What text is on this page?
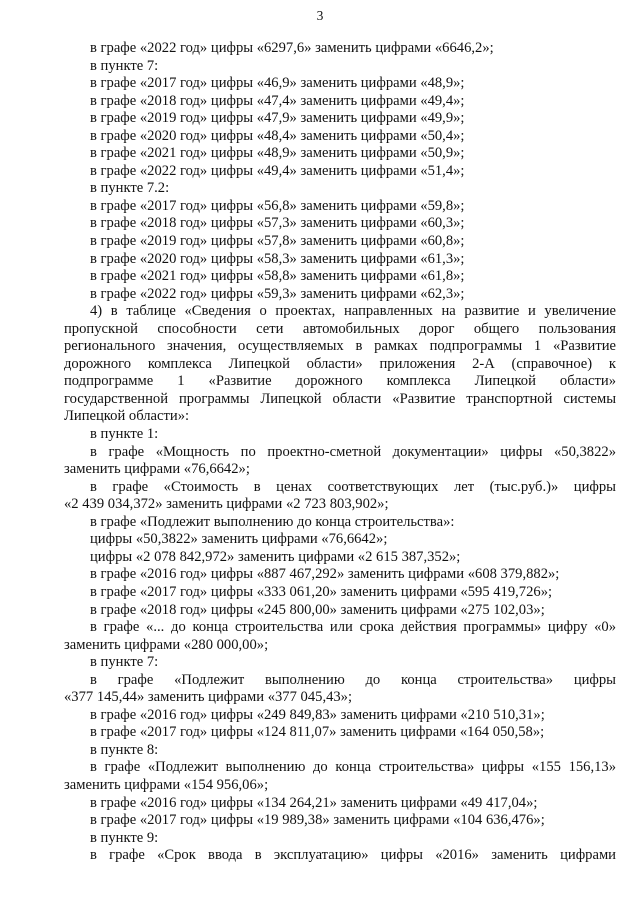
3
в графе «2022 год» цифры «6297,6» заменить цифрами «6646,2»;
в пункте 7:
в графе «2017 год» цифры «46,9» заменить цифрами «48,9»;
в графе «2018 год» цифры «47,4» заменить цифрами «49,4»;
в графе «2019 год» цифры «47,9» заменить цифрами «49,9»;
в графе «2020 год» цифры «48,4» заменить цифрами «50,4»;
в графе «2021 год» цифры «48,9» заменить цифрами «50,9»;
в графе «2022 год» цифры «49,4» заменить цифрами «51,4»;
в пункте 7.2:
в графе «2017 год» цифры «56,8» заменить цифрами «59,8»;
в графе «2018 год» цифры «57,3» заменить цифрами «60,3»;
в графе «2019 год» цифры «57,8» заменить цифрами «60,8»;
в графе «2020 год» цифры «58,3» заменить цифрами «61,3»;
в графе «2021 год» цифры «58,8» заменить цифрами «61,8»;
в графе «2022 год» цифры «59,3» заменить цифрами «62,3»;
4) в таблице «Сведения о проектах, направленных на развитие и увеличение
пропускной способности сети автомобильных дорог общего пользования
регионального значения, осуществляемых в рамках подпрограммы 1 «Развитие
дорожного комплекса Липецкой области» приложения 2-А (справочное) к
подпрограмме 1 «Развитие дорожного комплекса Липецкой области»
государственной программы Липецкой области «Развитие транспортной системы
Липецкой области»:
в пункте 1:
в графе «Мощность по проектно-сметной документации» цифры «50,3822»
заменить цифрами «76,6642»;
в графе «Стоимость в ценах соответствующих лет (тыс.руб.)» цифры
«2 439 034,372» заменить цифрами «2 723 803,902»;
в графе «Подлежит выполнению до конца строительства»:
цифры «50,3822» заменить цифрами «76,6642»;
цифры «2 078 842,972» заменить цифрами «2 615 387,352»;
в графе «2016 год» цифры «887 467,292» заменить цифрами «608 379,882»;
в графе «2017 год» цифры «333 061,20» заменить цифрами «595 419,726»;
в графе «2018 год» цифры «245 800,00» заменить цифрами «275 102,03»;
в графе «... до конца строительства или срока действия программы» цифру «0»
заменить цифрами «280 000,00»;
в пункте 7:
в графе «Подлежит выполнению до конца строительства» цифры
«377 145,44» заменить цифрами «377 045,43»;
в графе «2016 год» цифры «249 849,83» заменить цифрами «210 510,31»;
в графе «2017 год» цифры «124 811,07» заменить цифрами «164 050,58»;
в пункте 8:
в графе «Подлежит выполнению до конца строительства» цифры «155 156,13»
заменить цифрами «154 956,06»;
в графе «2016 год» цифры «134 264,21» заменить цифрами «49 417,04»;
в графе «2017 год» цифры «19 989,38» заменить цифрами «104 636,476»;
в пункте 9:
в графе «Срок ввода в эксплуатацию» цифры «2016» заменить цифрами
